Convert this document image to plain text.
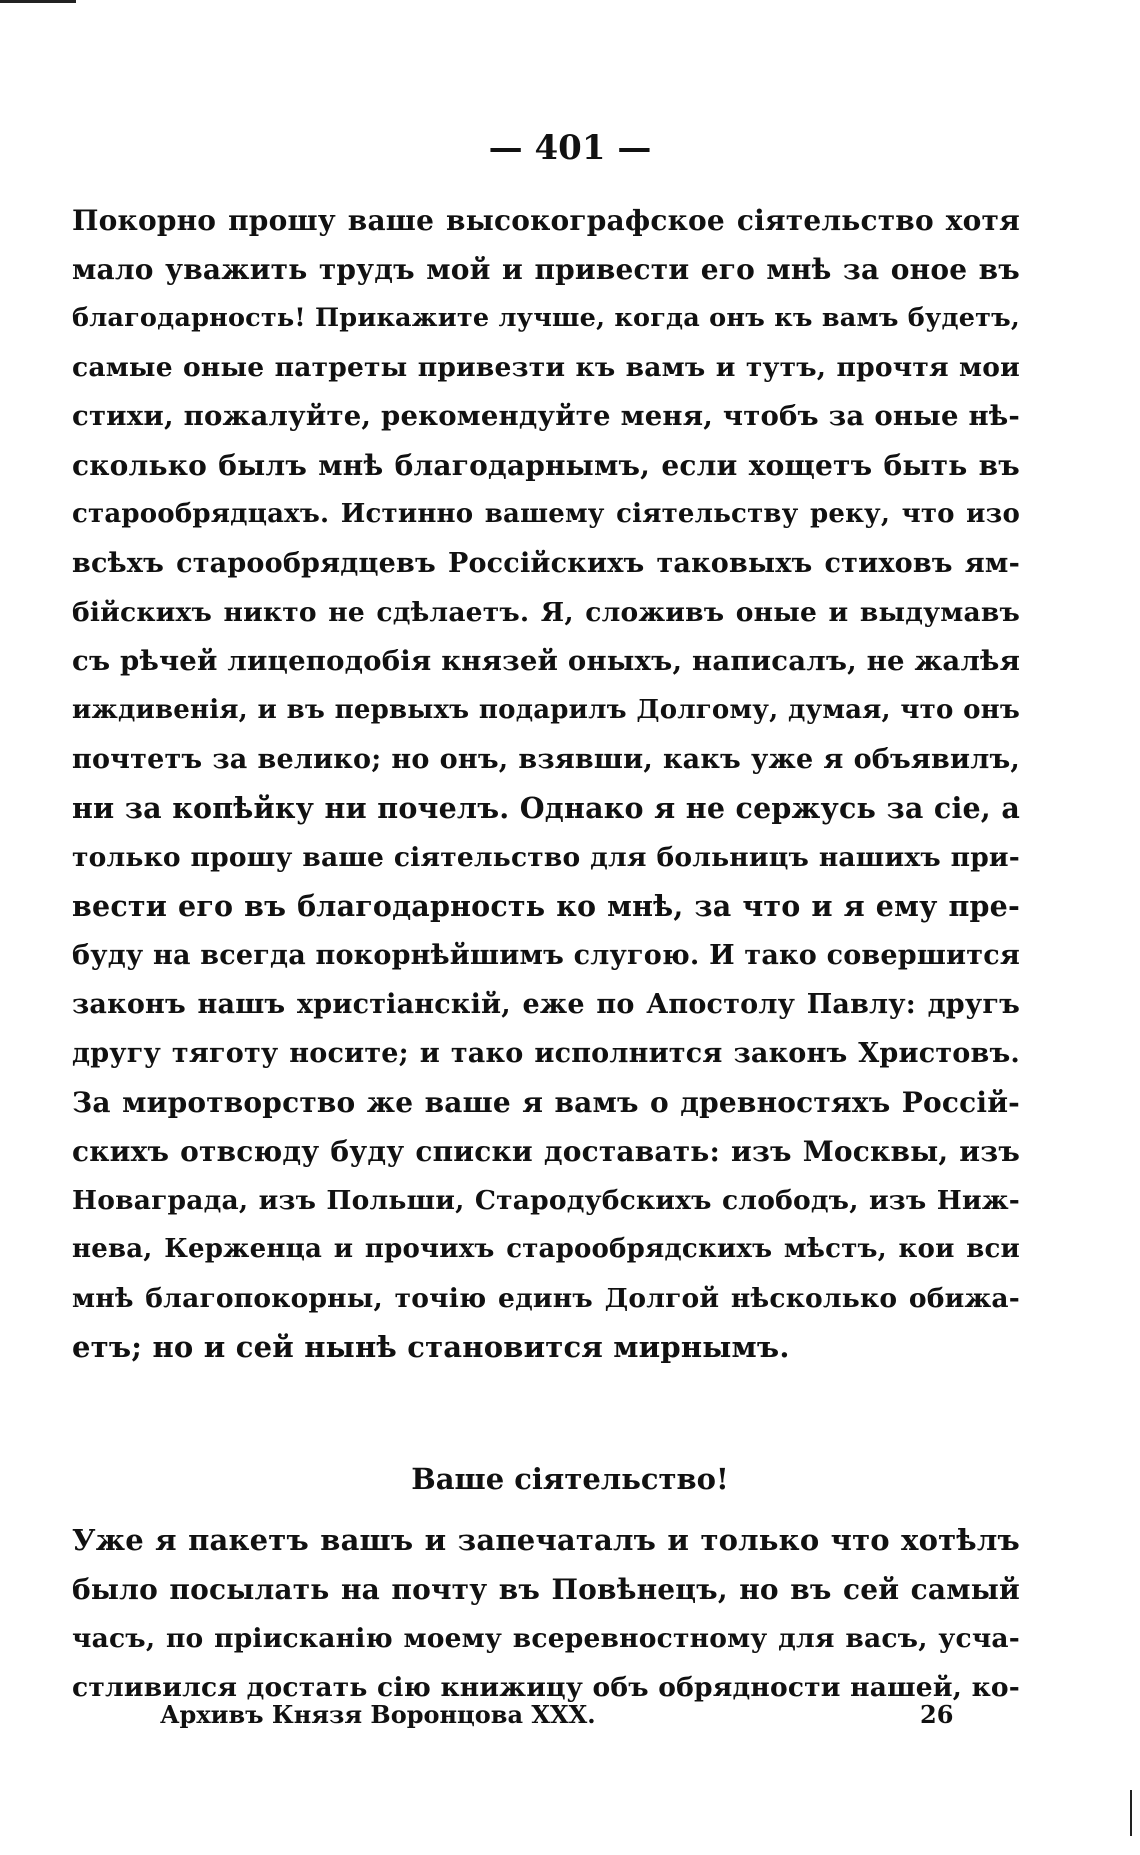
— 401 —
Покорно прошу ваше высокографское сіятельство хотя
мало уважить трудъ мой и привести его мнѣ за оное въ
благодарность! Прикажите лучше, когда онъ къ вамъ будетъ,
самые оные патреты привезти къ вамъ и тутъ, прочтя мои
стихи, пожалуйте, рекомендуйте меня, чтобъ за оные нѣ-
сколько былъ мнѣ благодарнымъ, если хощетъ быть въ
старообрядцахъ. Истинно вашему сіятельству реку, что изо
всѣхъ старообрядцевъ Россійскихъ таковыхъ стиховъ ям-
бійскихъ никто не сдѣлаетъ. Я, сложивъ оные и выдумавъ
съ рѣчей лицеподобія князей оныхъ, написалъ, не жалѣя
иждивенія, и въ первыхъ подарилъ Долгому, думая, что онъ
почтетъ за велико; но онъ, взявши, какъ уже я объявилъ,
ни за копѣйку ни почелъ. Однако я не сержусь за сіе, а
только прошу ваше сіятельство для больницъ нашихъ при-
вести его въ благодарность ко мнѣ, за что и я ему пре-
буду на всегда покорнѣйшимъ слугою. И тако совершится
законъ нашъ христіанскій, еже по Апостолу Павлу: другъ
другу тяготу носите; и тако исполнится законъ Христовъ.
За миротворство же ваше я вамъ о древностяхъ Россій-
скихъ отвсюду буду списки доставать: изъ Москвы, изъ
Новаграда, изъ Польши, Стародубскихъ слободъ, изъ Ниж-
нева, Керженца и прочихъ старообрядскихъ мѣстъ, кои вси
мнѣ благопокорны, точію единъ Долгой нѣсколько обижа-
етъ; но и сей нынѣ становится мирнымъ.
Ваше сіятельство!
Уже я пакетъ вашъ и запечаталъ и только что хотѣлъ
было посылать на почту въ Повѣнецъ, но въ сей самый
часъ, по пріисканію моему всеревностному для васъ, усча-
стливился достать сію книжицу объ обрядности нашей, ко-
Архивъ Князя Воронцова XXX.	26
